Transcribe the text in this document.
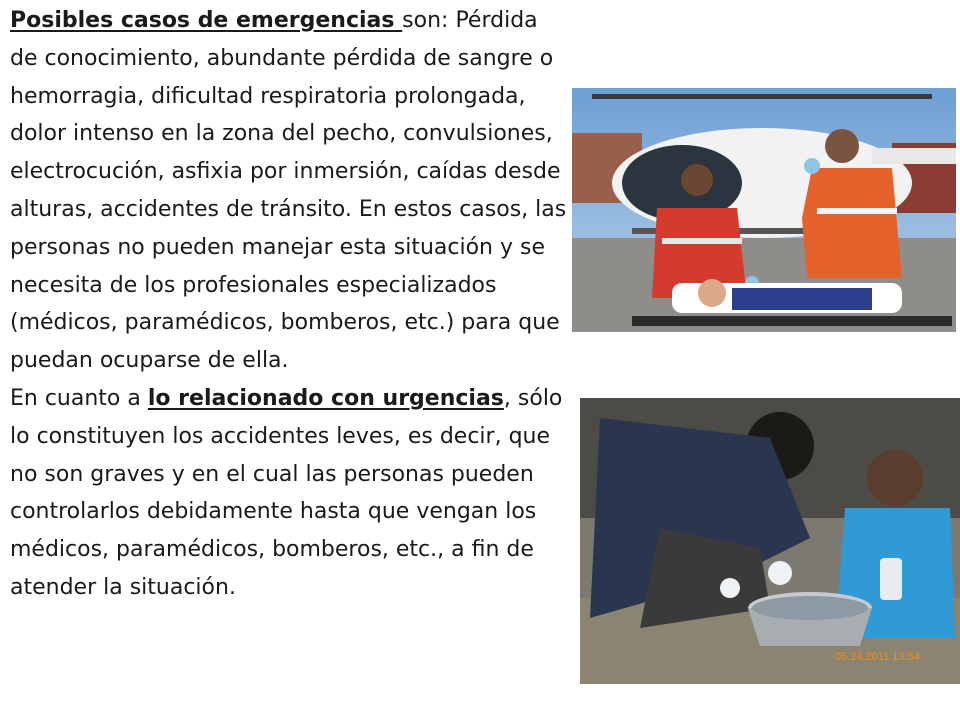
Posibles casos de emergencias son: Pérdida de conocimiento, abundante pérdida de sangre o hemorragia, dificultad respiratoria prolongada, dolor intenso en la zona del pecho, convulsiones, electrocución, asfixia por inmersión, caídas desde alturas, accidentes de tránsito. En estos casos, las personas no pueden manejar esta situación y se necesita de los profesionales especializados (médicos, paramédicos, bomberos, etc.) para que puedan ocuparse de ella.

En cuanto a lo relacionado con urgencias, sólo lo constituyen los accidentes leves, es decir, que no son graves y en el cual las personas pueden controlarlos debidamente hasta que vengan los médicos, paramédicos, bomberos, etc., a fin de atender la situación.

05.24.2011 13:54
